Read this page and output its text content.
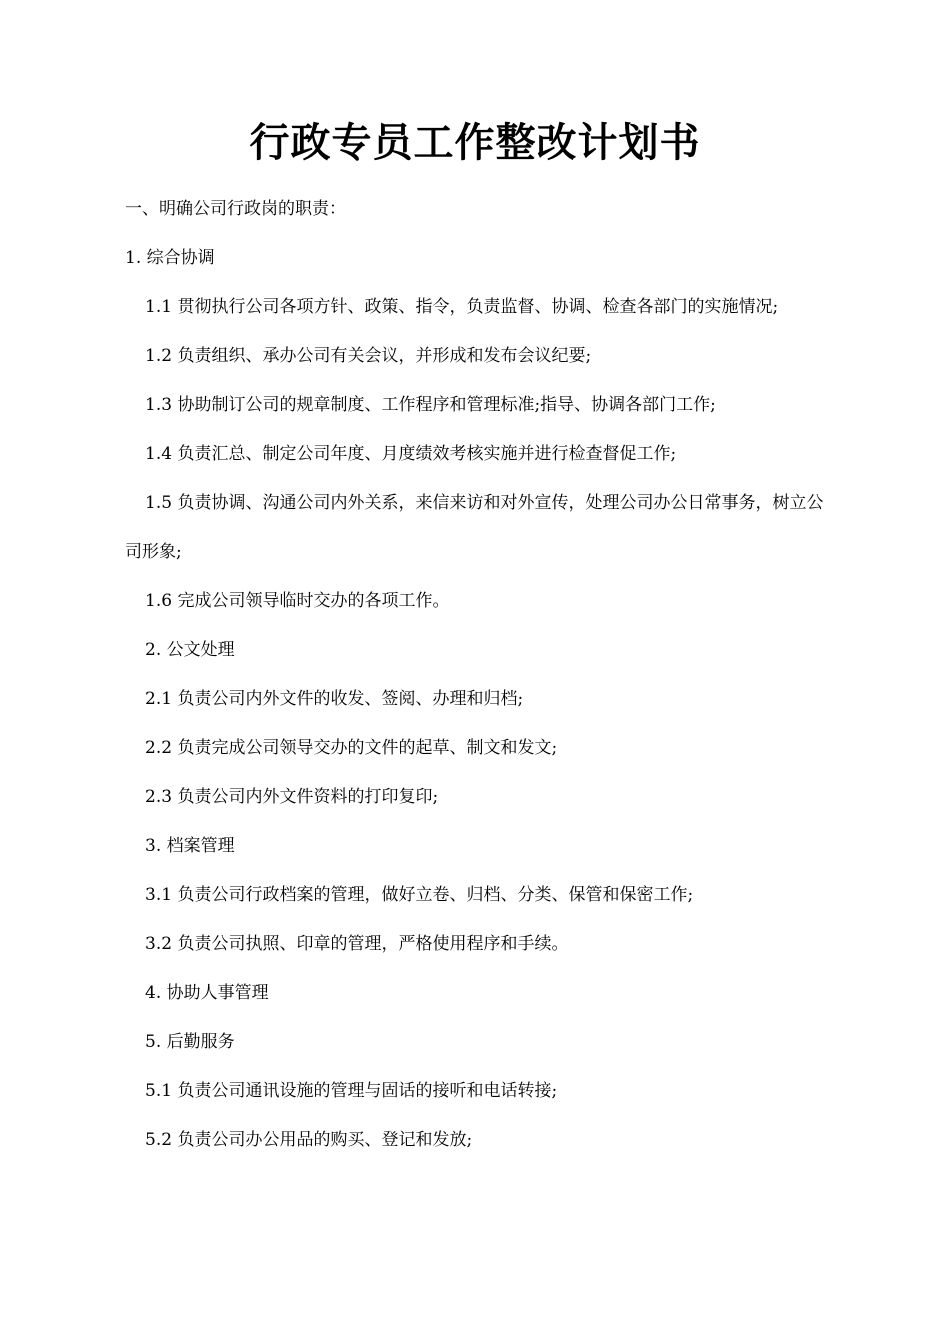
行政专员工作整改计划书

一、明确公司行政岗的职责：

1. 综合协调

1.1 贯彻执行公司各项方针、政策、指令，负责监督、协调、检查各部门的实施情况;

1.2 负责组织、承办公司有关会议，并形成和发布会议纪要;

1.3 协助制订公司的规章制度、工作程序和管理标准;指导、协调各部门工作;

1.4 负责汇总、制定公司年度、月度绩效考核实施并进行检查督促工作;

1.5 负责协调、沟通公司内外关系，来信来访和对外宣传，处理公司办公日常事务，树立公司形象;

1.6 完成公司领导临时交办的各项工作。

2. 公文处理

2.1 负责公司内外文件的收发、签阅、办理和归档;

2.2 负责完成公司领导交办的文件的起草、制文和发文;

2.3 负责公司内外文件资料的打印复印;

3. 档案管理

3.1 负责公司行政档案的管理，做好立卷、归档、分类、保管和保密工作;

3.2 负责公司执照、印章的管理，严格使用程序和手续。

4. 协助人事管理

5. 后勤服务

5.1 负责公司通讯设施的管理与固话的接听和电话转接;

5.2 负责公司办公用品的购买、登记和发放;
